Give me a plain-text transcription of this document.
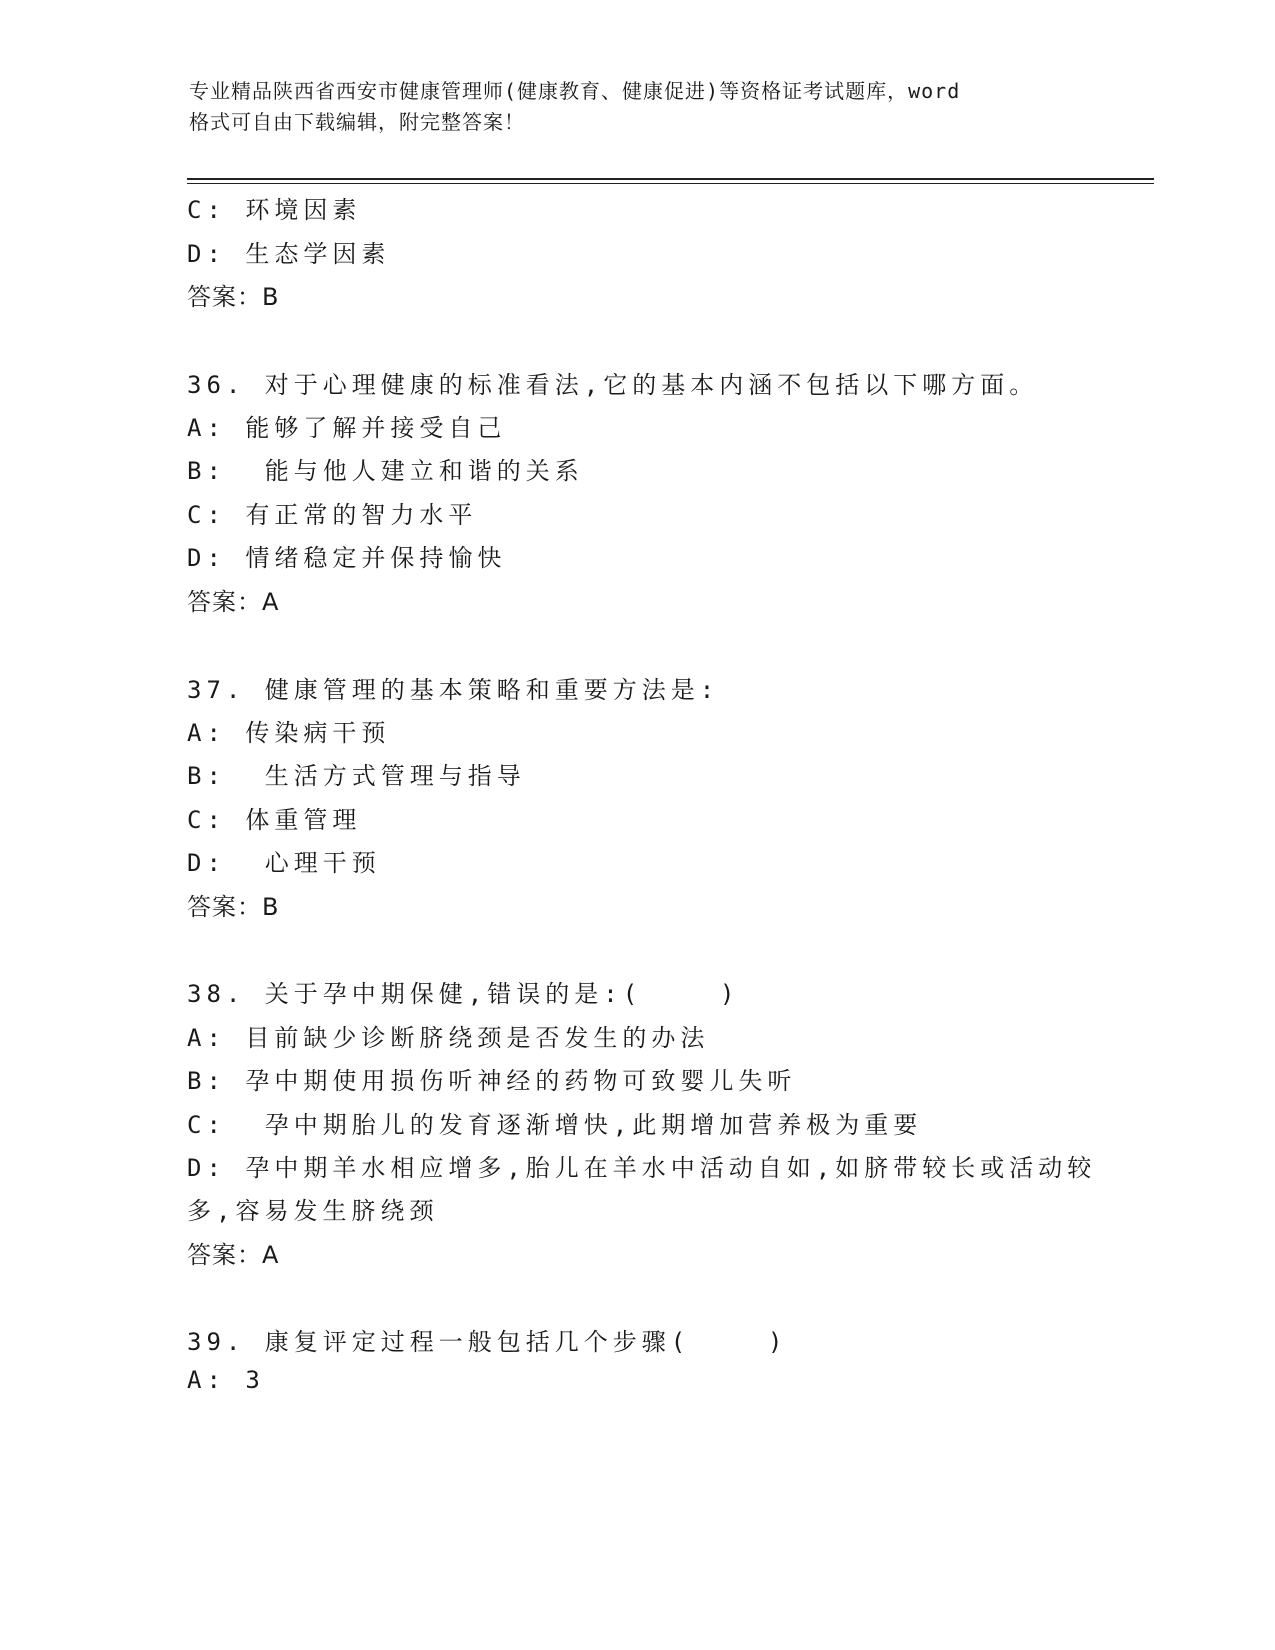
专业精品陕西省西安市健康管理师(健康教育、健康促进)等资格证考试题库，word
格式可自由下载编辑，附完整答案！
C: 环境因素
D: 生态学因素
答案：B
36. 对于心理健康的标准看法,它的基本内涵不包括以下哪方面。
A: 能够了解并接受自己
B:  能与他人建立和谐的关系
C: 有正常的智力水平
D: 情绪稳定并保持愉快
答案：A
37. 健康管理的基本策略和重要方法是:
A: 传染病干预
B:  生活方式管理与指导
C: 体重管理
D:  心理干预
答案：B
38. 关于孕中期保健,错误的是:(    )
A: 目前缺少诊断脐绕颈是否发生的办法
B: 孕中期使用损伤听神经的药物可致婴儿失听
C:  孕中期胎儿的发育逐渐增快,此期增加营养极为重要
D: 孕中期羊水相应增多,胎儿在羊水中活动自如,如脐带较长或活动较
多,容易发生脐绕颈
答案：A
39. 康复评定过程一般包括几个步骤(    )
A: 3
